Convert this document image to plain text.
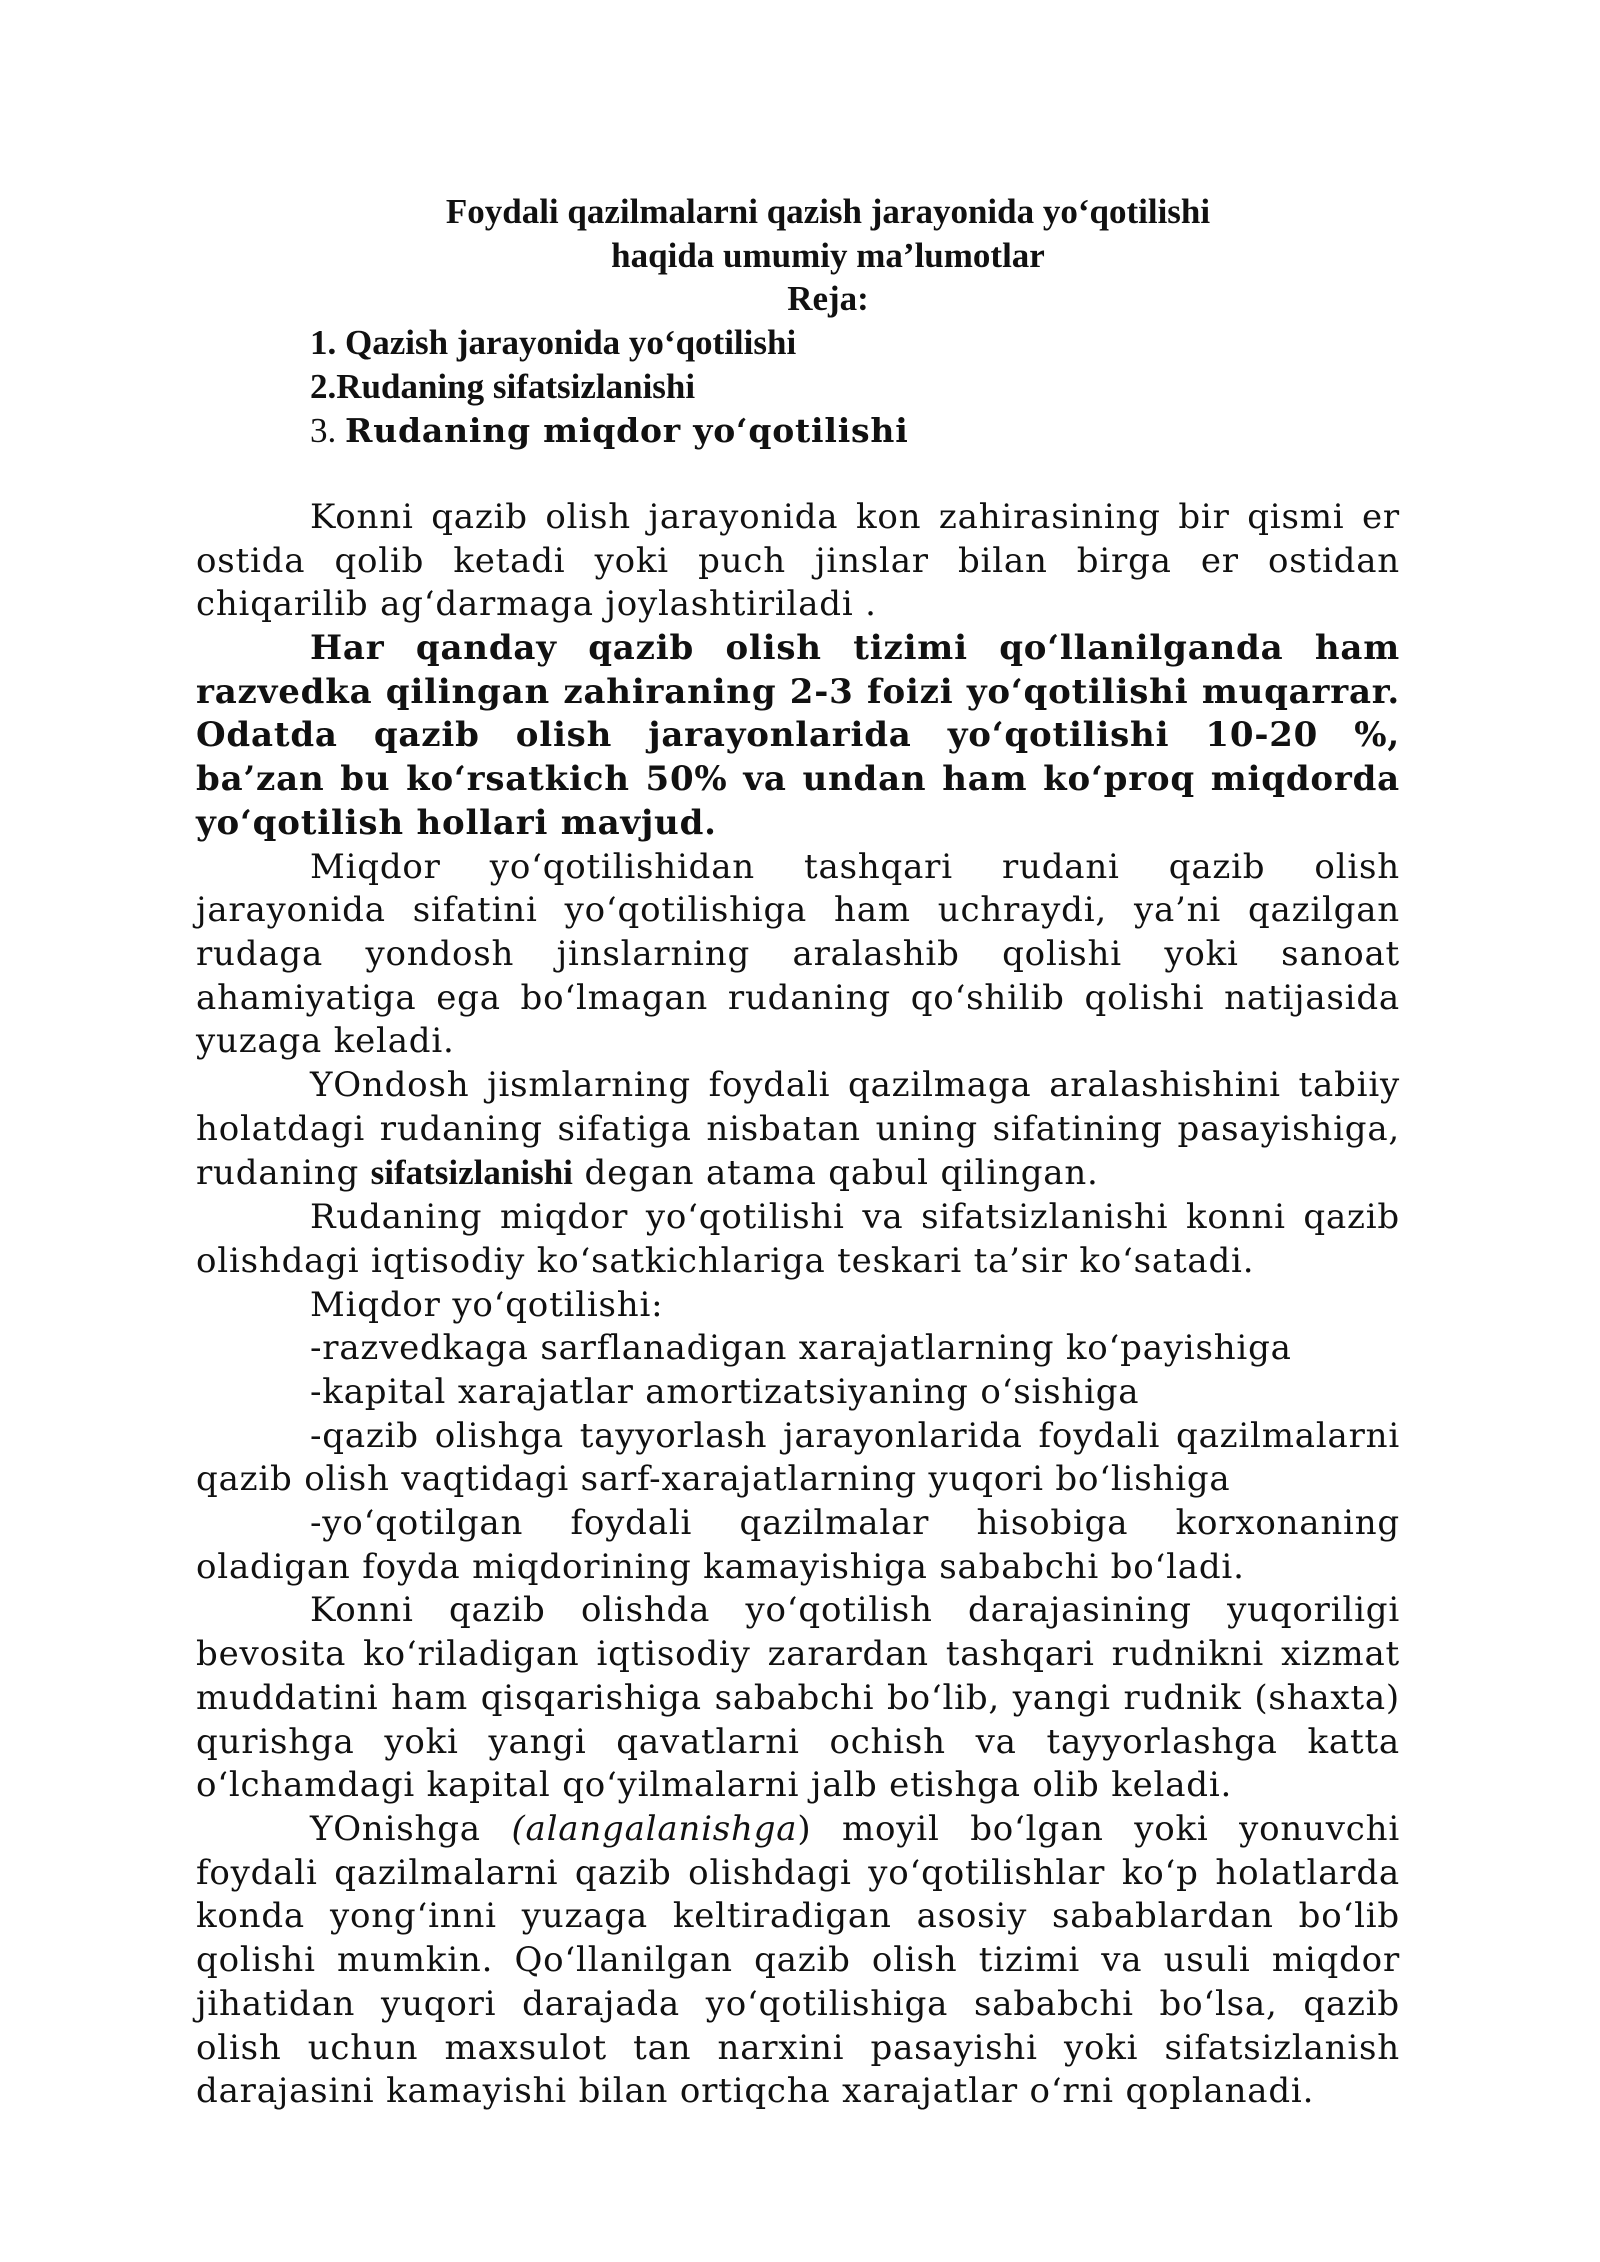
Foydali qazilmalarni qazish jarayonida yo‘qotilishi
haqida umumiy ma’lumotlar
Reja:
1. Qazish jarayonida yo‘qotilishi
2.Rudaning sifatsizlanishi
3. Rudaning miqdor yo‘qotilishi

Konni qazib olish jarayonida kon zahirasining bir qismi er ostida qolib ketadi yoki puch jinslar bilan birga er ostidan chiqarilib ag‘darmaga joylashtiriladi .

Har qanday qazib olish tizimi qo‘llanilganda ham razvedka qilingan zahiraning 2-3 foizi yo‘qotilishi muqarrar. Odatda qazib olish jarayonlarida yo‘qotilishi 10-20 %, ba’zan bu ko‘rsatkich 50% va undan ham ko‘proq miqdorda yo‘qotilish hollari mavjud.

Miqdor yo‘qotilishidan tashqari rudani qazib olish jarayonida sifatini yo‘qotilishiga ham uchraydi, ya’ni qazilgan rudaga yondosh jinslarning aralashib qolishi yoki sanoat ahamiyatiga ega bo‘lmagan rudaning qo‘shilib qolishi natijasida yuzaga keladi.

YOndosh jismlarning foydali qazilmaga aralashishini tabiiy holatdagi rudaning sifatiga nisbatan uning sifatining pasayishiga, rudaning sifatsizlanishi degan atama qabul qilingan.

Rudaning miqdor yo‘qotilishi va sifatsizlanishi konni qazib olishdagi iqtisodiy ko‘satkichlariga teskari ta’sir ko‘satadi.

Miqdor yo‘qotilishi:

-razvedkaga sarflanadigan xarajatlarning ko‘payishiga

-kapital xarajatlar amortizatsiyaning o‘sishiga

-qazib olishga tayyorlash jarayonlarida foydali qazilmalarni qazib olish vaqtidagi sarf-xarajatlarning yuqori bo‘lishiga

-yo‘qotilgan foydali qazilmalar hisobiga korxonaning oladigan foyda miqdorining kamayishiga sababchi bo‘ladi.

Konni qazib olishda yo‘qotilish darajasining yuqoriligi bevosita ko‘riladigan iqtisodiy zarardan tashqari rudnikni xizmat muddatini ham qisqarishiga sababchi bo‘lib, yangi rudnik (shaxta) qurishga yoki yangi qavatlarni ochish va tayyorlashga katta o‘lchamdagi kapital qo‘yilmalarni jalb etishga olib keladi.

YOnishga (alangalanishga) moyil bo‘lgan yoki yonuvchi foydali qazilmalarni qazib olishdagi yo‘qotilishlar ko‘p holatlarda konda yong‘inni yuzaga keltiradigan asosiy sabablardan bo‘lib qolishi mumkin. Qo‘llanilgan qazib olish tizimi va usuli miqdor jihatidan yuqori darajada yo‘qotilishiga sababchi bo‘lsa, qazib olish uchun maxsulot tan narxini pasayishi yoki sifatsizlanish darajasini kamayishi bilan ortiqcha xarajatlar o‘rni qoplanadi.
